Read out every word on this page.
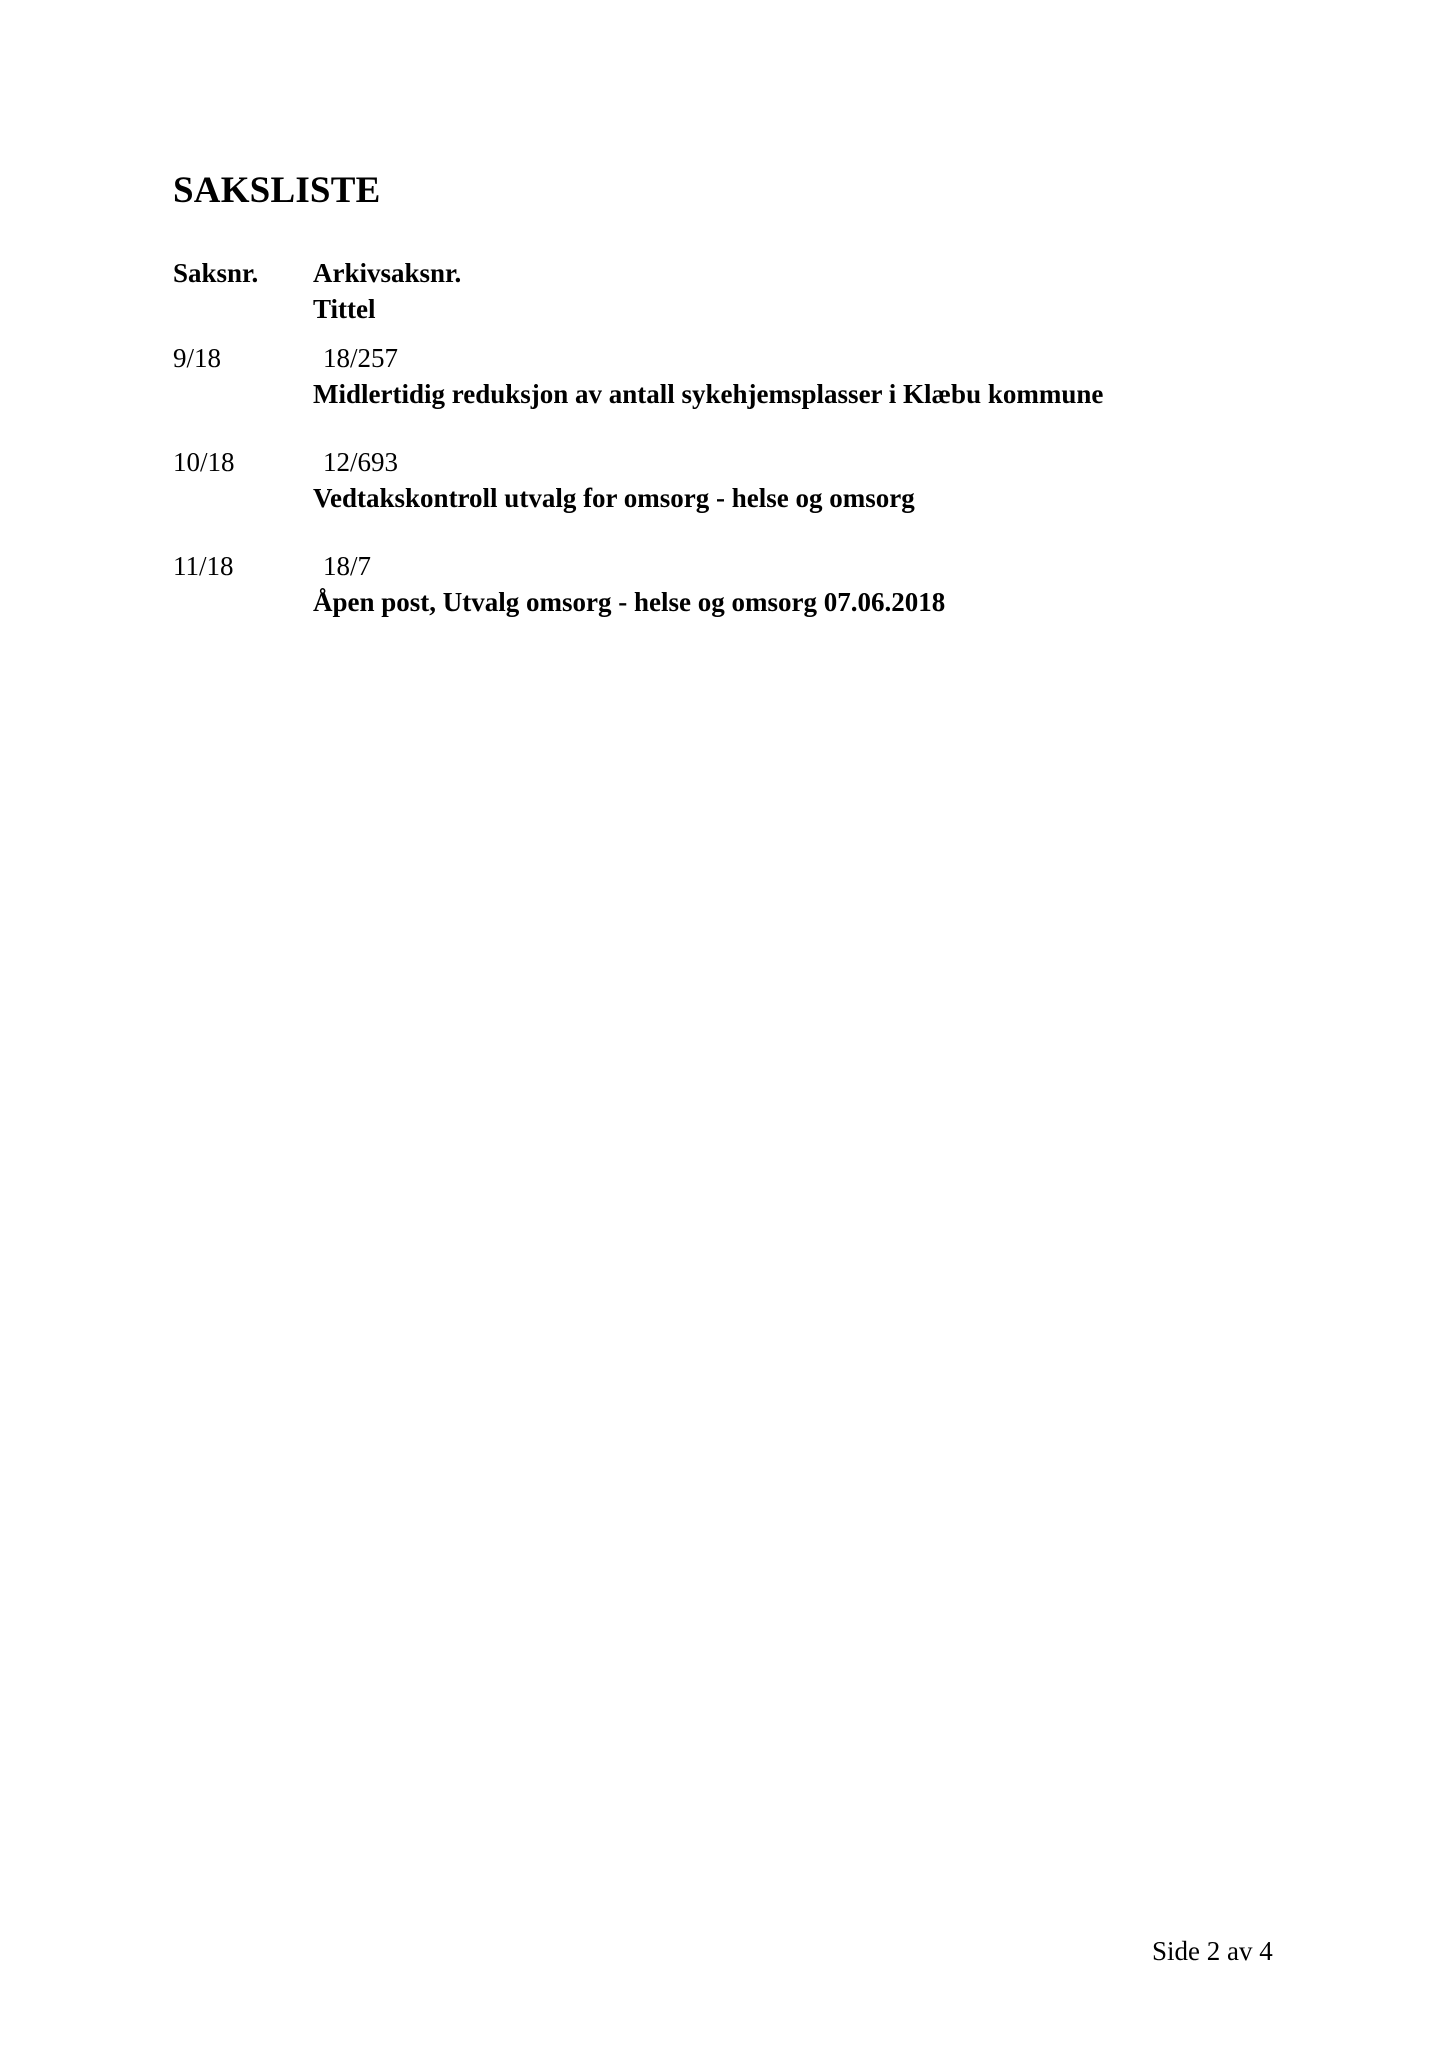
SAKSLISTE
Saksnr. Arkivsaksnr.
Tittel
9/18	18/257
Midlertidig reduksjon av antall sykehjemsplasser i Klæbu kommune
10/18	12/693
Vedtakskontroll utvalg for omsorg - helse og omsorg
11/18	18/7
Åpen post, Utvalg omsorg - helse og omsorg 07.06.2018
Side 2 av 4
